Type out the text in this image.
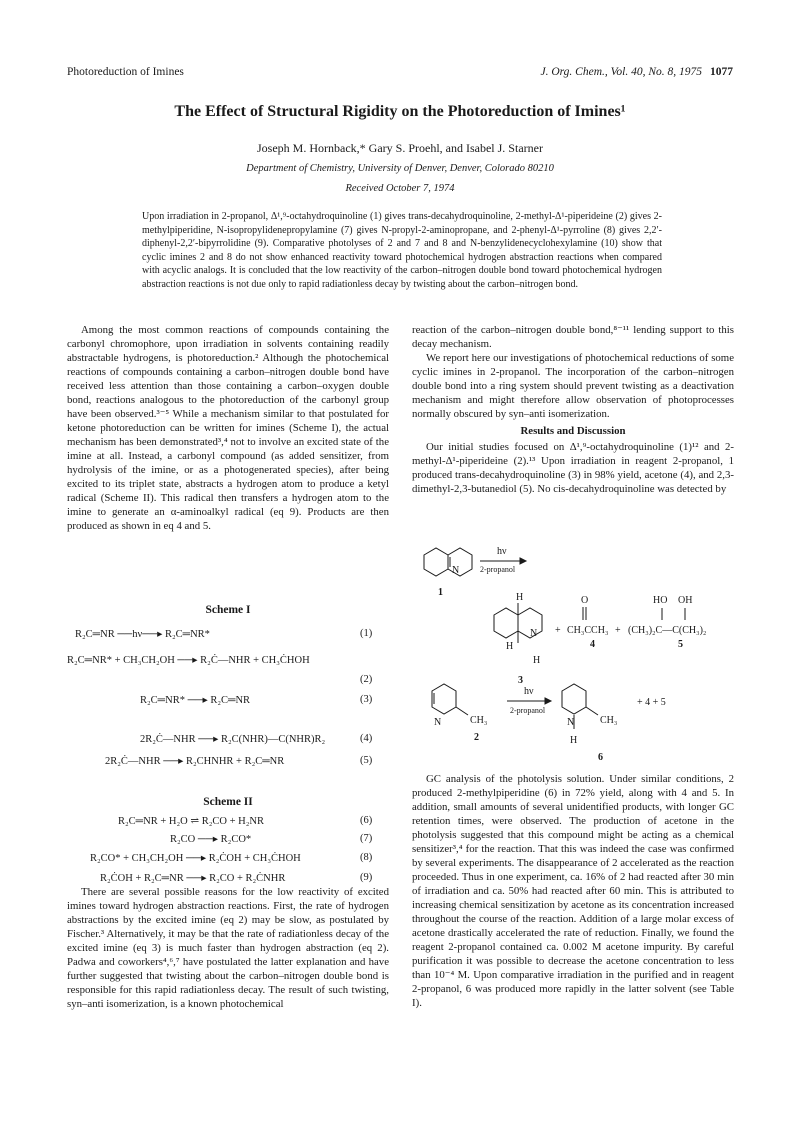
Photoreduction of Imines	J. Org. Chem., Vol. 40, No. 8, 1975 1077
The Effect of Structural Rigidity on the Photoreduction of Imines¹
Joseph M. Hornback,* Gary S. Proehl, and Isabel J. Starner
Department of Chemistry, University of Denver, Denver, Colorado 80210
Received October 7, 1974
Upon irradiation in 2-propanol, Δ¹,⁹-octahydroquinoline (1) gives trans-decahydroquinoline, 2-methyl-Δ¹-piperideine (2) gives 2-methylpiperidine, N-isopropylidenepropylamine (7) gives N-propyl-2-aminopropane, and 2-phenyl-Δ¹-pyrroline (8) gives 2,2′-diphenyl-2,2′-bipyrrolidine (9). Comparative photolyses of 2 and 7 and 8 and N-benzylidenecyclohexylamine (10) show that cyclic imines 2 and 8 do not show enhanced reactivity toward photochemical hydrogen abstraction reactions when compared with acyclic analogs. It is concluded that the low reactivity of the carbon–nitrogen double bond toward photochemical hydrogen abstraction reactions is not due only to rapid radiationless decay by twisting about the carbon–nitrogen bond.

Among the most common reactions of compounds containing the carbonyl chromophore, upon irradiation in solvents containing readily abstractable hydrogens, is photoreduction.² Although the photochemical reactions of compounds containing a carbon–nitrogen double bond have received less attention than those containing a carbon–oxygen double bond, reactions analogous to the photoreduction of the carbonyl group have been observed.³⁻⁵ While a mechanism similar to that postulated for ketone photoreduction can be written for imines (Scheme I), the actual mechanism has been demonstrated³,⁴ not to involve an excited state of the imine at all. Instead, a carbonyl compound (as added sensitizer, from hydrolysis of the imine, or as a photogenerated species), after being excited to its triplet state, abstracts a hydrogen atom to produce a ketyl radical (Scheme II). This radical then transfers a hydrogen atom to the imine to generate an α-aminoalkyl radical (eq 9). Products are then produced as shown in eq 4 and 5.

Scheme I
R₂C═NR ──hν──▸ R₂C═NR*	(1)
R₂C═NR* + CH₃CH₂OH ──▸ R₂Ċ—NHR + CH₃ĊHOH
(2)
R₂C═NR* ──▸ R₂C═NR	(3)
2R₂Ċ—NHR ──▸ R₂C(NHR)—C(NHR)R₂	(4)
2R₂Ċ—NHR ──▸ R₂CHNHR + R₂C═NR	(5)
Scheme II
R₂C═NR + H₂O ⇌ R₂CO + H₂NR	(6)
R₂CO ──▸ R₂CO*	(7)
R₂CO* + CH₃CH₂OH ──▸ R₂ĊOH + CH₃ĊHOH	(8)
R₂ĊOH + R₂C═NR ──▸ R₂CO + R₂ĊNHR	(9)

There are several possible reasons for the low reactivity of excited imines toward hydrogen abstraction reactions. First, the rate of hydrogen abstractions by the excited imine (eq 2) may be slow, as postulated by Fischer.³ Alternatively, it may be that the rate of radiationless decay of the excited imine (eq 3) is much faster than hydrogen abstraction (eq 2). Padwa and coworkers⁴,⁶,⁷ have postulated the latter explanation and have further suggested that twisting about the carbon–nitrogen double bond is responsible for this rapid radiationless decay. The result of such twisting, syn–anti isomerization, is a known photochemical

reaction of the carbon–nitrogen double bond,⁸⁻¹¹ lending support to this decay mechanism.

We report here our investigations of photochemical reductions of some cyclic imines in 2-propanol. The incorporation of the carbon–nitrogen double bond into a ring system should prevent twisting as a deactivation mechanism and might therefore allow observation of photoprocesses normally obscured by syn–anti isomerization.

Results and Discussion

Our initial studies focused on Δ¹,⁹-octahydroquinoline (1)¹² and 2-methyl-Δ¹-piperideine (2).¹³ Upon irradiation in reagent 2-propanol, 1 produced trans-decahydroquinoline (3) in 98% yield, acetone (4), and 2,3-dimethyl-2,3-butanediol (5). No cis-decahydroquinoline was detected by

hν
2-propanol
N
H
N
H
H
+
O
CH₃CCH₃ +
HO OH
(CH₃)₂C—C(CH₃)₂
N	CH₃
hν
2-propanol
N	CH₃
H
+ 4 + 5
1
3
4	5
2
6

GC analysis of the photolysis solution. Under similar conditions, 2 produced 2-methylpiperidine (6) in 72% yield, along with 4 and 5. In addition, small amounts of several unidentified products, with longer GC retention times, were observed. The production of acetone in the photolysis suggested that this compound might be acting as a chemical sensitizer³,⁴ for the reaction. That this was indeed the case was confirmed by several experiments. The disappearance of 2 accelerated as the reaction proceeded. Thus in one experiment, ca. 16% of 2 had reacted after 30 min of irradiation and ca. 50% had reacted after 60 min. This is attributed to increasing chemical sensitization by acetone as its concentration increased throughout the course of the reaction. Addition of a large molar excess of acetone drastically accelerated the rate of reduction. Finally, we found the reagent 2-propanol contained ca. 0.002 M acetone impurity. By careful purification it was possible to decrease the acetone concentration to less than 10⁻⁴ M. Upon comparative irradiation in the purified and in reagent 2-propanol, 6 was produced more rapidly in the latter solvent (see Table I).
